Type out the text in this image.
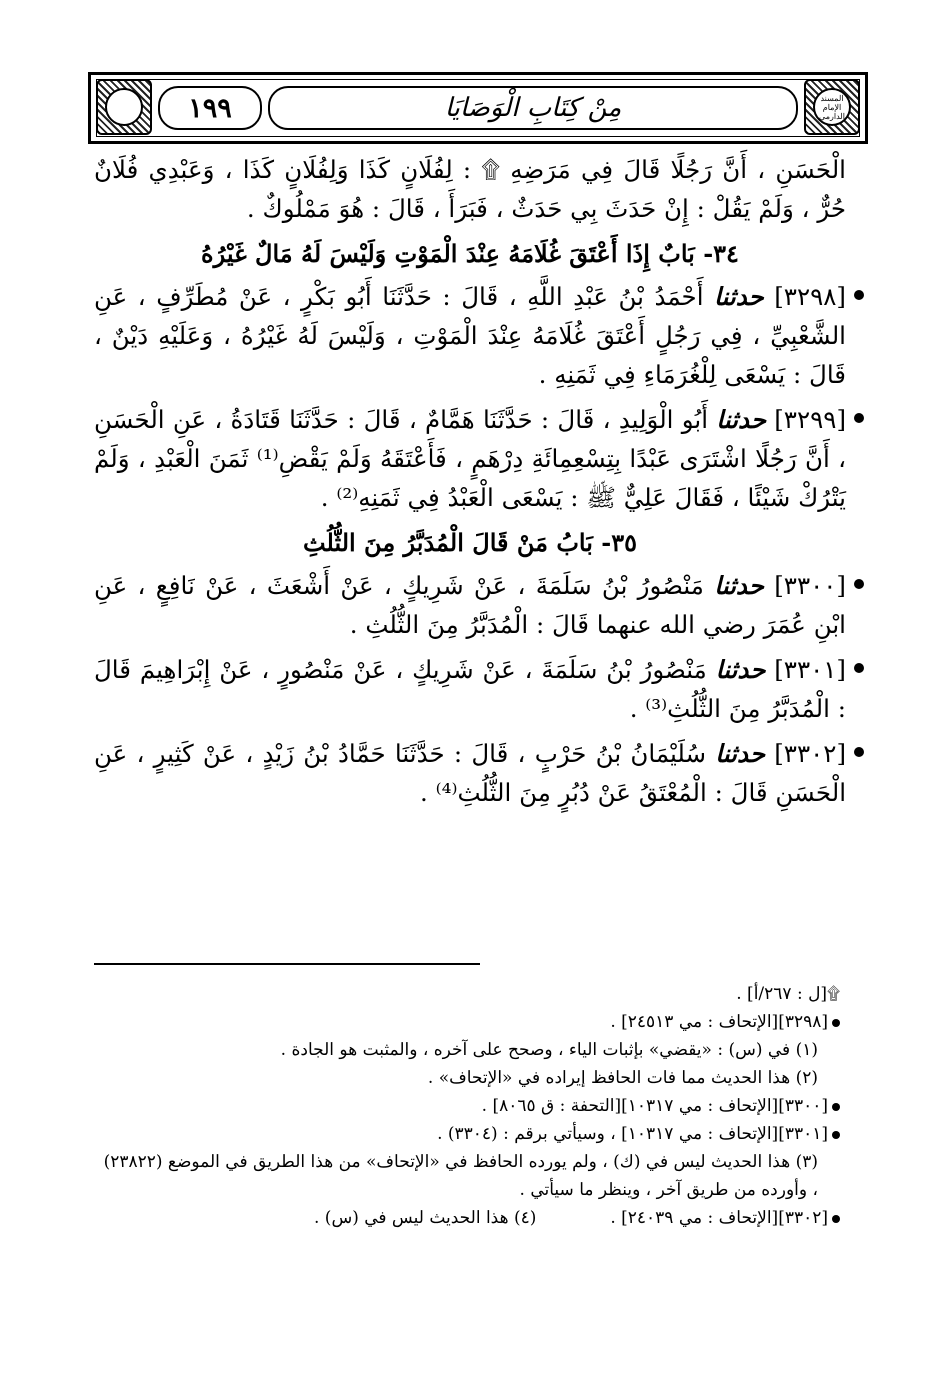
المسند الإمام الدارمي
مِنْ كِتَابِ الْوَصَايَا
١٩٩

الْحَسَنِ ، أَنَّ رَجُلًا قَالَ فِي مَرَضِهِ ۩ : لِفُلَانٍ كَذَا وَلِفُلَانٍ كَذَا ، وَعَبْدِي فُلَانٌ حُرٌّ ، وَلَمْ يَقُلْ : إِنْ حَدَثَ بِي حَدَثٌ ، فَبَرَأَ ، قَالَ : هُوَ مَمْلُوكٌ .

٣٤- بَابٌ إِذَا أَعْتَقَ غُلَامَهُ عِنْدَ الْمَوْتِ وَلَيْسَ لَهُ مَالٌ غَيْرُهُ

[٣٢٩٨] حدثنا أَحْمَدُ بْنُ عَبْدِ اللَّهِ ، قَالَ : حَدَّثَنَا أَبُو بَكْرٍ ، عَنْ مُطَرِّفٍ ، عَنِ الشَّعْبِيِّ ، فِي رَجُلٍ أَعْتَقَ غُلَامَهُ عِنْدَ الْمَوْتِ ، وَلَيْسَ لَهُ غَيْرُهُ ، وَعَلَيْهِ دَيْنٌ ، قَالَ : يَسْعَى لِلْغُرَمَاءِ فِي ثَمَنِهِ .

[٣٢٩٩] حدثنا أَبُو الْوَلِيدِ ، قَالَ : حَدَّثَنَا هَمَّامٌ ، قَالَ : حَدَّثَنَا قَتَادَةُ ، عَنِ الْحَسَنِ ، أَنَّ رَجُلًا اشْتَرَى عَبْدًا بِتِسْعِمِائَةِ دِرْهَمٍ ، فَأَعْتَقَهُ وَلَمْ يَقْضِ⁽¹⁾ ثَمَنَ الْعَبْدِ ، وَلَمْ يَتْرُكْ شَيْئًا ، فَقَالَ عَلِيٌّ ﷺ : يَسْعَى الْعَبْدُ فِي ثَمَنِهِ⁽²⁾ .

٣٥- بَابُ مَنْ قَالَ الْمُدَبَّرُ مِنَ الثُّلُثِ

[٣٣٠٠] حدثنا مَنْصُورُ بْنُ سَلَمَةَ ، عَنْ شَرِيكٍ ، عَنْ أَشْعَثَ ، عَنْ نَافِعٍ ، عَنِ ابْنِ عُمَرَ رضي الله عنهما قَالَ : الْمُدَبَّرُ مِنَ الثُّلُثِ .

[٣٣٠١] حدثنا مَنْصُورُ بْنُ سَلَمَةَ ، عَنْ شَرِيكٍ ، عَنْ مَنْصُورٍ ، عَنْ إِبْرَاهِيمَ قَالَ : الْمُدَبَّرُ مِنَ الثُّلُثِ⁽³⁾ .

[٣٣٠٢] حدثنا سُلَيْمَانُ بْنُ حَرْبٍ ، قَالَ : حَدَّثَنَا حَمَّادُ بْنُ زَيْدٍ ، عَنْ كَثِيرٍ ، عَنِ الْحَسَنِ قَالَ : الْمُعْتَقُ عَنْ دُبُرٍ مِنَ الثُّلُثِ⁽⁴⁾ .

۩[ل : ٢٦٧/أ] .

[٣٢٩٨][الإتحاف : مي ٢٤٥١٣] .

(١) في (س) : «يقضي» بإثبات الياء ، وصحح على آخره ، والمثبت هو الجادة .

(٢) هذا الحديث مما فات الحافظ إيراده في «الإتحاف» .

[٣٣٠٠][الإتحاف : مي ١٠٣١٧][التحفة : ق ٨٠٦٥] .

[٣٣٠١][الإتحاف : مي ١٠٣١٧] ، وسيأتي برقم : (٣٣٠٤) .

(٣) هذا الحديث ليس في (ك) ، ولم يورده الحافظ في «الإتحاف» من هذا الطريق في الموضع (٢٣٨٢٢) ، وأورده من طريق آخر ، وينظر ما سيأتي .

[٣٣٠٢][الإتحاف : مي ٢٤٠٣٩] .
(٤) هذا الحديث ليس في (س) .
